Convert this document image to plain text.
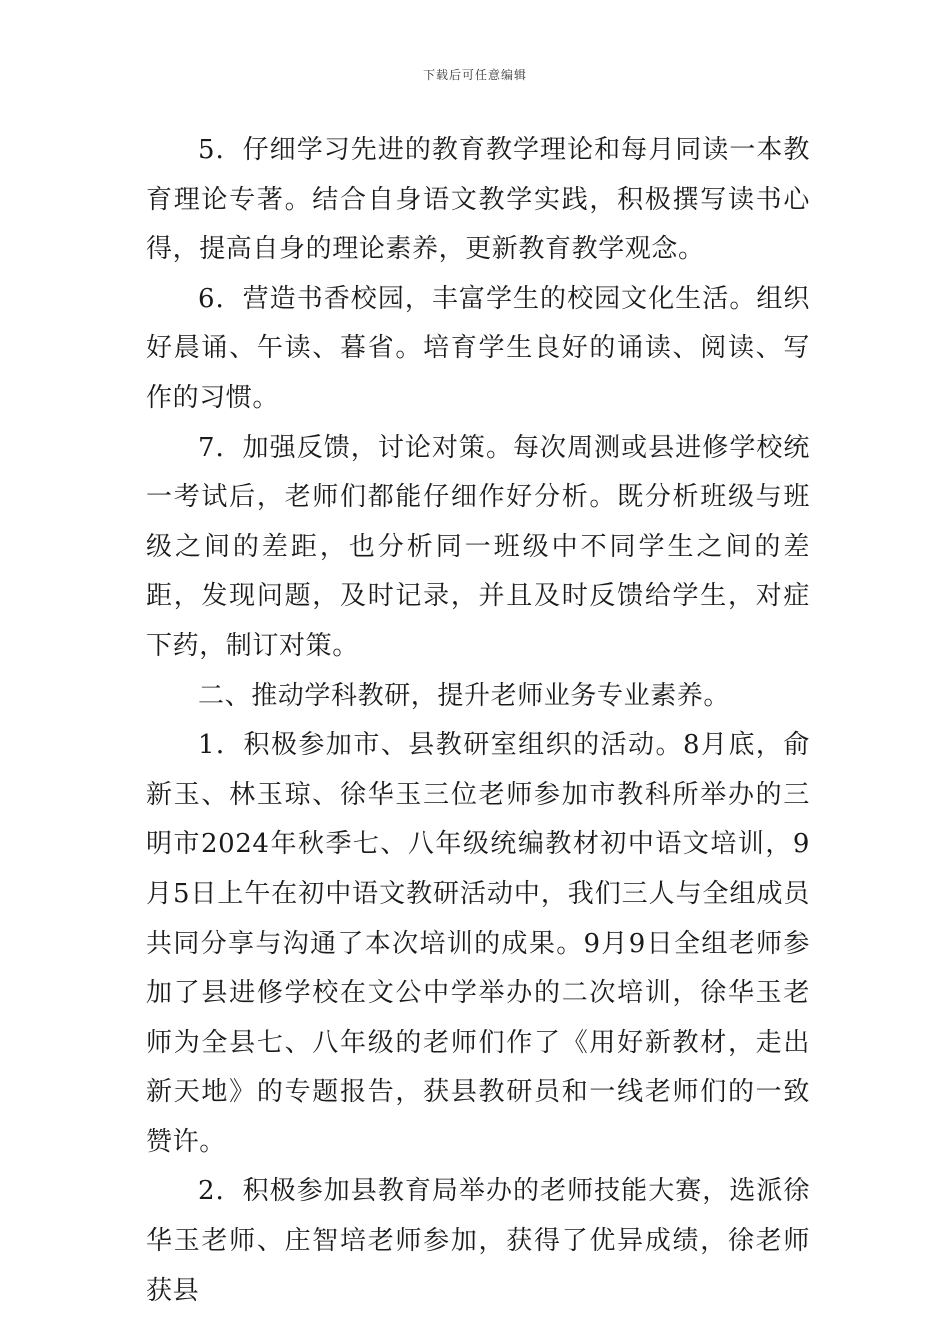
下载后可任意编辑

5．仔细学习先进的教育教学理论和每月同读一本教育理论专著。结合自身语文教学实践，积极撰写读书心得，提高自身的理论素养，更新教育教学观念。

6．营造书香校园，丰富学生的校园文化生活。组织好晨诵、午读、暮省。培育学生良好的诵读、阅读、写作的习惯。

7．加强反馈，讨论对策。每次周测或县进修学校统一考试后，老师们都能仔细作好分析。既分析班级与班级之间的差距，也分析同一班级中不同学生之间的差距，发现问题，及时记录，并且及时反馈给学生，对症下药，制订对策。

二、推动学科教研，提升老师业务专业素养。

1．积极参加市、县教研室组织的活动。8月底，俞新玉、林玉琼、徐华玉三位老师参加市教科所举办的三明市2024年秋季七、八年级统编教材初中语文培训，9月5日上午在初中语文教研活动中，我们三人与全组成员共同分享与沟通了本次培训的成果。9月9日全组老师参加了县进修学校在文公中学举办的二次培训，徐华玉老师为全县七、八年级的老师们作了《用好新教材，走出新天地》的专题报告，获县教研员和一线老师们的一致赞许。

2．积极参加县教育局举办的老师技能大赛，选派徐华玉老师、庄智培老师参加，获得了优异成绩，徐老师获县
